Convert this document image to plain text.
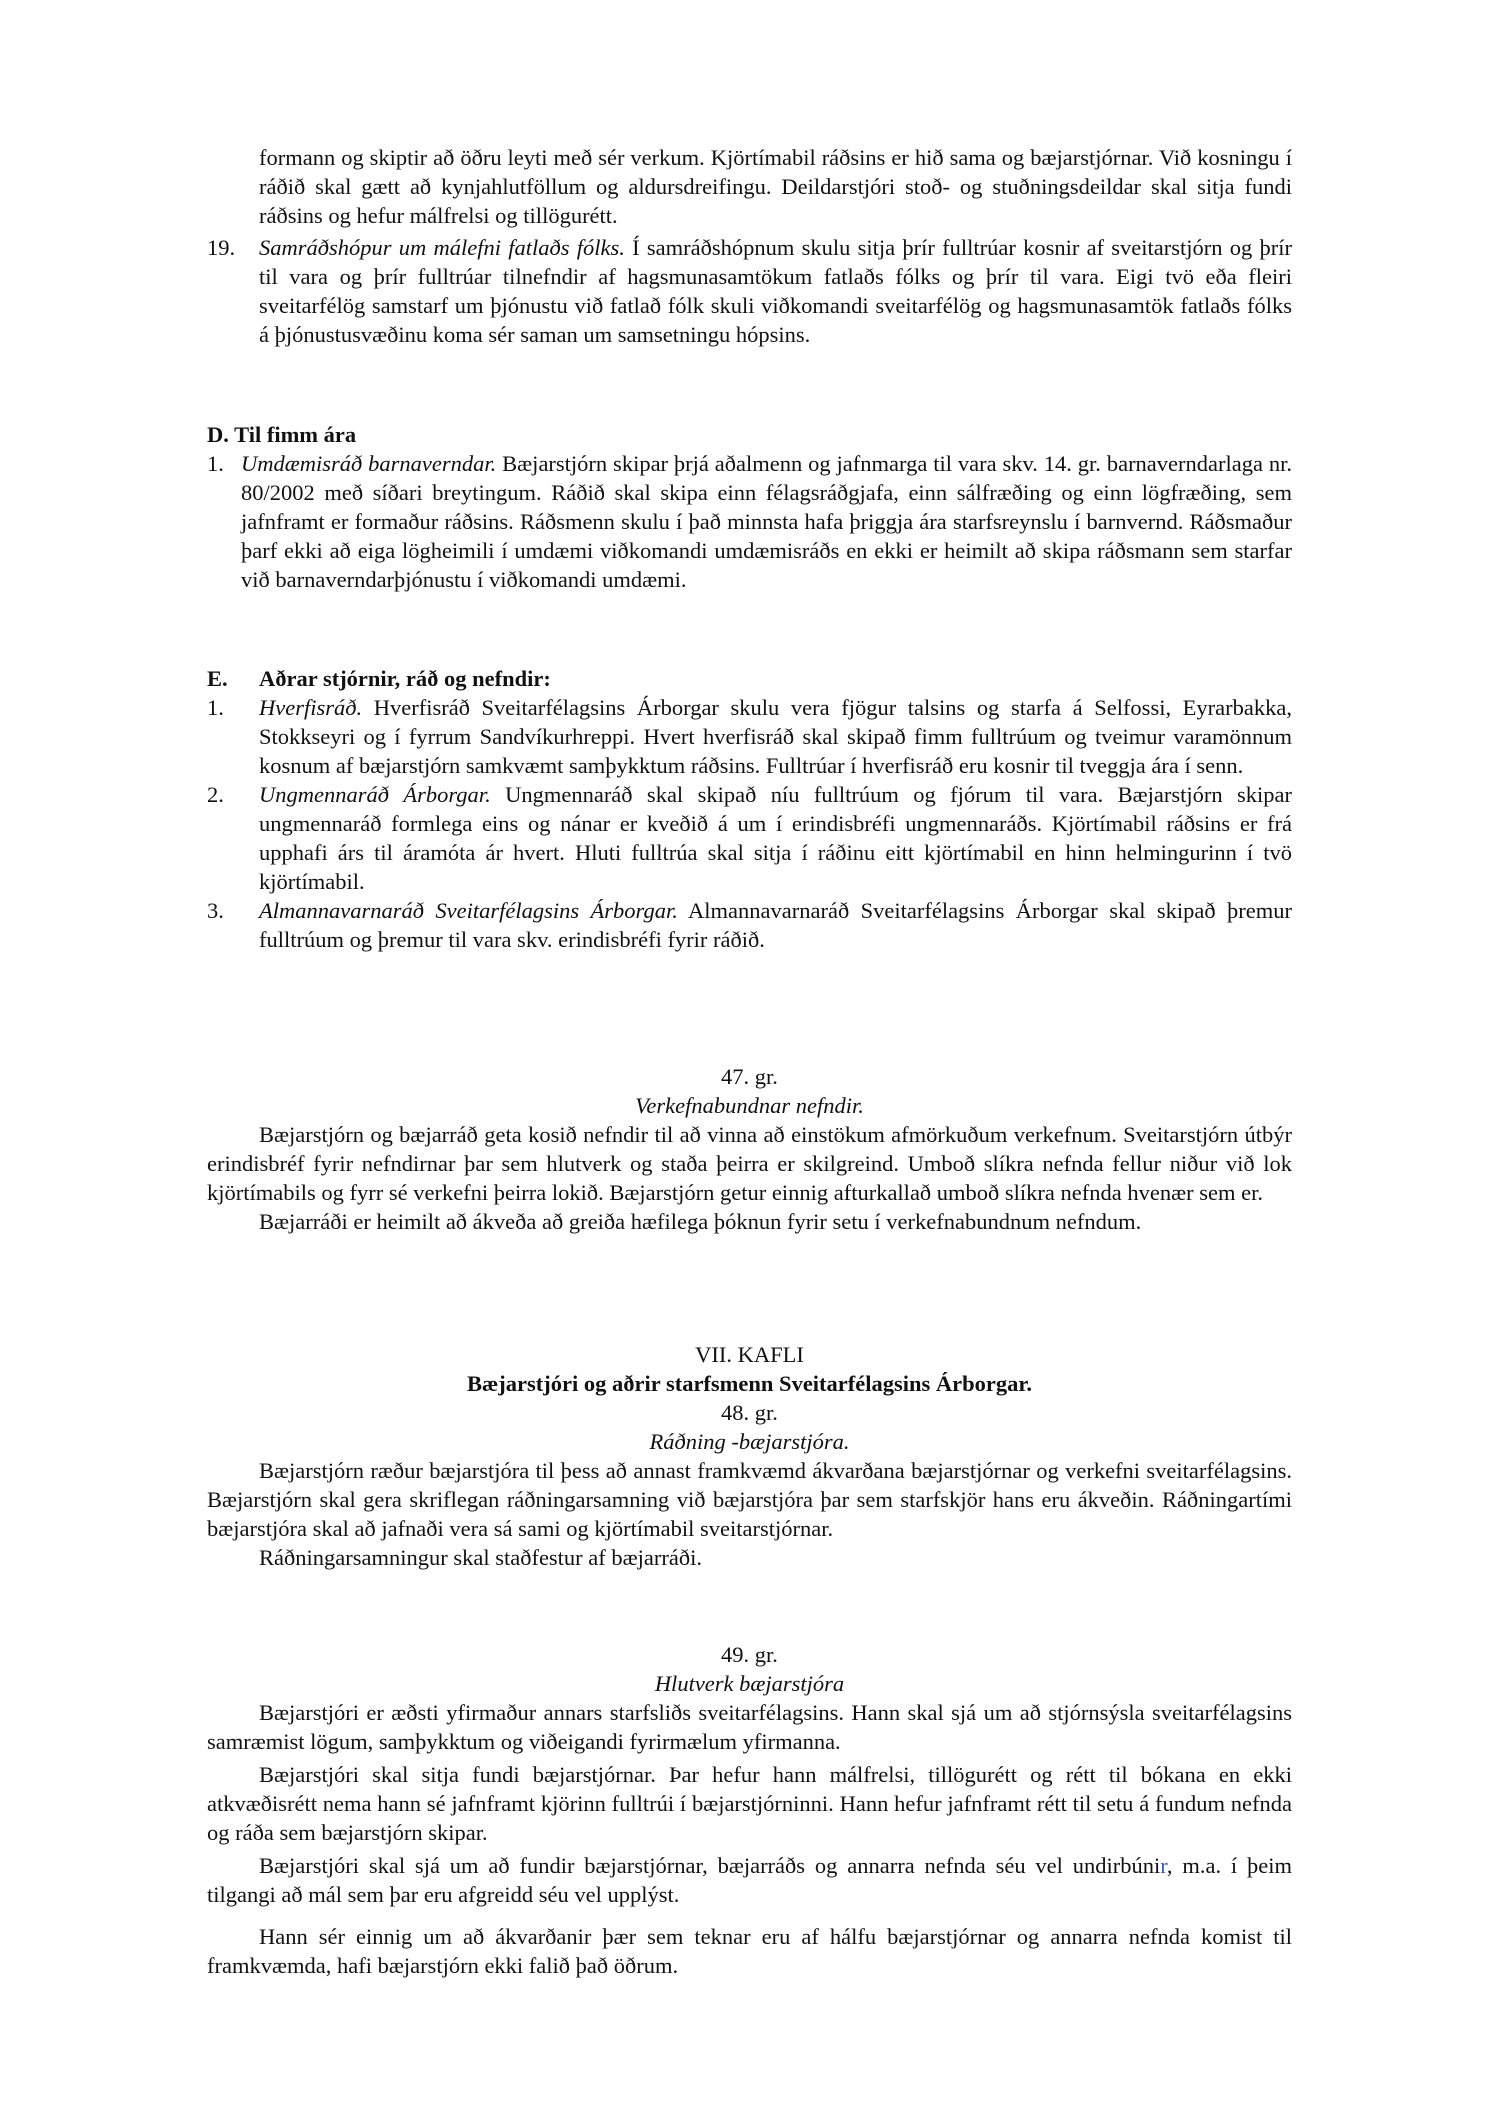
formann og skiptir að öðru leyti með sér verkum. Kjörtímabil ráðsins er hið sama og bæjarstjórnar. Við kosningu í ráðið skal gætt að kynjahlutföllum og aldursdreifingu. Deildarstjóri stoð- og stuðningsdeildar skal sitja fundi ráðsins og hefur málfrelsi og tillögurétt.

19.	Samráðshópur um málefni fatlaðs fólks. Í samráðshópnum skulu sitja þrír fulltrúar kosnir af sveitarstjórn og þrír til vara og þrír fulltrúar tilnefndir af hagsmunasamtökum fatlaðs fólks og þrír til vara. Eigi tvö eða fleiri sveitarfélög samstarf um þjónustu við fatlað fólk skuli viðkomandi sveitarfélög og hagsmunasamtök fatlaðs fólks á þjónustusvæðinu koma sér saman um samsetningu hópsins.

D. Til fimm ára

1. Umdæmisráð barnaverndar. Bæjarstjórn skipar þrjá aðalmenn og jafnmarga til vara skv. 14. gr. barnaverndarlaga nr. 80/2002 með síðari breytingum. Ráðið skal skipa einn félagsráðgjafa, einn sálfræðing og einn lögfræðing, sem jafnframt er formaður ráðsins. Ráðsmenn skulu í það minnsta hafa þriggja ára starfsreynslu í barnvernd. Ráðsmaður þarf ekki að eiga lögheimili í umdæmi viðkomandi umdæmisráðs en ekki er heimilt að skipa ráðsmann sem starfar við barnaverndarþjónustu í viðkomandi umdæmi.

E.	Aðrar stjórnir, ráð og nefndir:
1.	Hverfisráð. Hverfisráð Sveitarfélagsins Árborgar skulu vera fjögur talsins og starfa á Selfossi, Eyrarbakka, Stokkseyri og í fyrrum Sandvíkurhreppi. Hvert hverfisráð skal skipað fimm fulltrúum og tveimur varamönnum kosnum af bæjarstjórn samkvæmt samþykktum ráðsins. Fulltrúar í hverfisráð eru kosnir til tveggja ára í senn.

2.	Ungmennaráð Árborgar. Ungmennaráð skal skipað níu fulltrúum og fjórum til vara. Bæjarstjórn skipar ungmennaráð formlega eins og nánar er kveðið á um í erindisbréfi ungmennaráðs. Kjörtímabil ráðsins er frá upphafi árs til áramóta ár hvert. Hluti fulltrúa skal sitja í ráðinu eitt kjörtímabil en hinn helmingurinn í tvö kjörtímabil.

3.	Almannavarnaráð Sveitarfélagsins Árborgar. Almannavarnaráð Sveitarfélagsins Árborgar skal skipað þremur fulltrúum og þremur til vara skv. erindisbréfi fyrir ráðið.

47. gr.

Verkefnabundnar nefndir.

Bæjarstjórn og bæjarráð geta kosið nefndir til að vinna að einstökum afmörkuðum verkefnum. Sveitarstjórn útbýr erindisbréf fyrir nefndirnar þar sem hlutverk og staða þeirra er skilgreind. Umboð slíkra nefnda fellur niður við lok kjörtímabils og fyrr sé verkefni þeirra lokið. Bæjarstjórn getur einnig afturkallað umboð slíkra nefnda hvenær sem er.

Bæjarráði er heimilt að ákveða að greiða hæfilega þóknun fyrir setu í verkefnabundnum nefndum.

VII. KAFLI

Bæjarstjóri og aðrir starfsmenn Sveitarfélagsins Árborgar.

48. gr.

Ráðning -bæjarstjóra.

Bæjarstjórn ræður bæjarstjóra til þess að annast framkvæmd ákvarðana bæjarstjórnar og verkefni sveitarfélagsins. Bæjarstjórn skal gera skriflegan ráðningarsamning við bæjarstjóra þar sem starfskjör hans eru ákveðin. Ráðningartími bæjarstjóra skal að jafnaði vera sá sami og kjörtímabil sveitarstjórnar.

Ráðningarsamningur skal staðfestur af bæjarráði.

49. gr.

Hlutverk bæjarstjóra

Bæjarstjóri er æðsti yfirmaður annars starfsliðs sveitarfélagsins. Hann skal sjá um að stjórnsýsla sveitarfélagsins samræmist lögum, samþykktum og viðeigandi fyrirmælum yfirmanna.

Bæjarstjóri skal sitja fundi bæjarstjórnar. Þar hefur hann málfrelsi, tillögurétt og rétt til bókana en ekki atkvæðisrétt nema hann sé jafnframt kjörinn fulltrúi í bæjarstjórninni. Hann hefur jafnframt rétt til setu á fundum nefnda og ráða sem bæjarstjórn skipar.

Bæjarstjóri skal sjá um að fundir bæjarstjórnar, bæjarráðs og annarra nefnda séu vel undirbúnir, m.a. í þeim tilgangi að mál sem þar eru afgreidd séu vel upplýst.

Hann sér einnig um að ákvarðanir þær sem teknar eru af hálfu bæjarstjórnar og annarra nefnda komist til framkvæmda, hafi bæjarstjórn ekki falið það öðrum.
